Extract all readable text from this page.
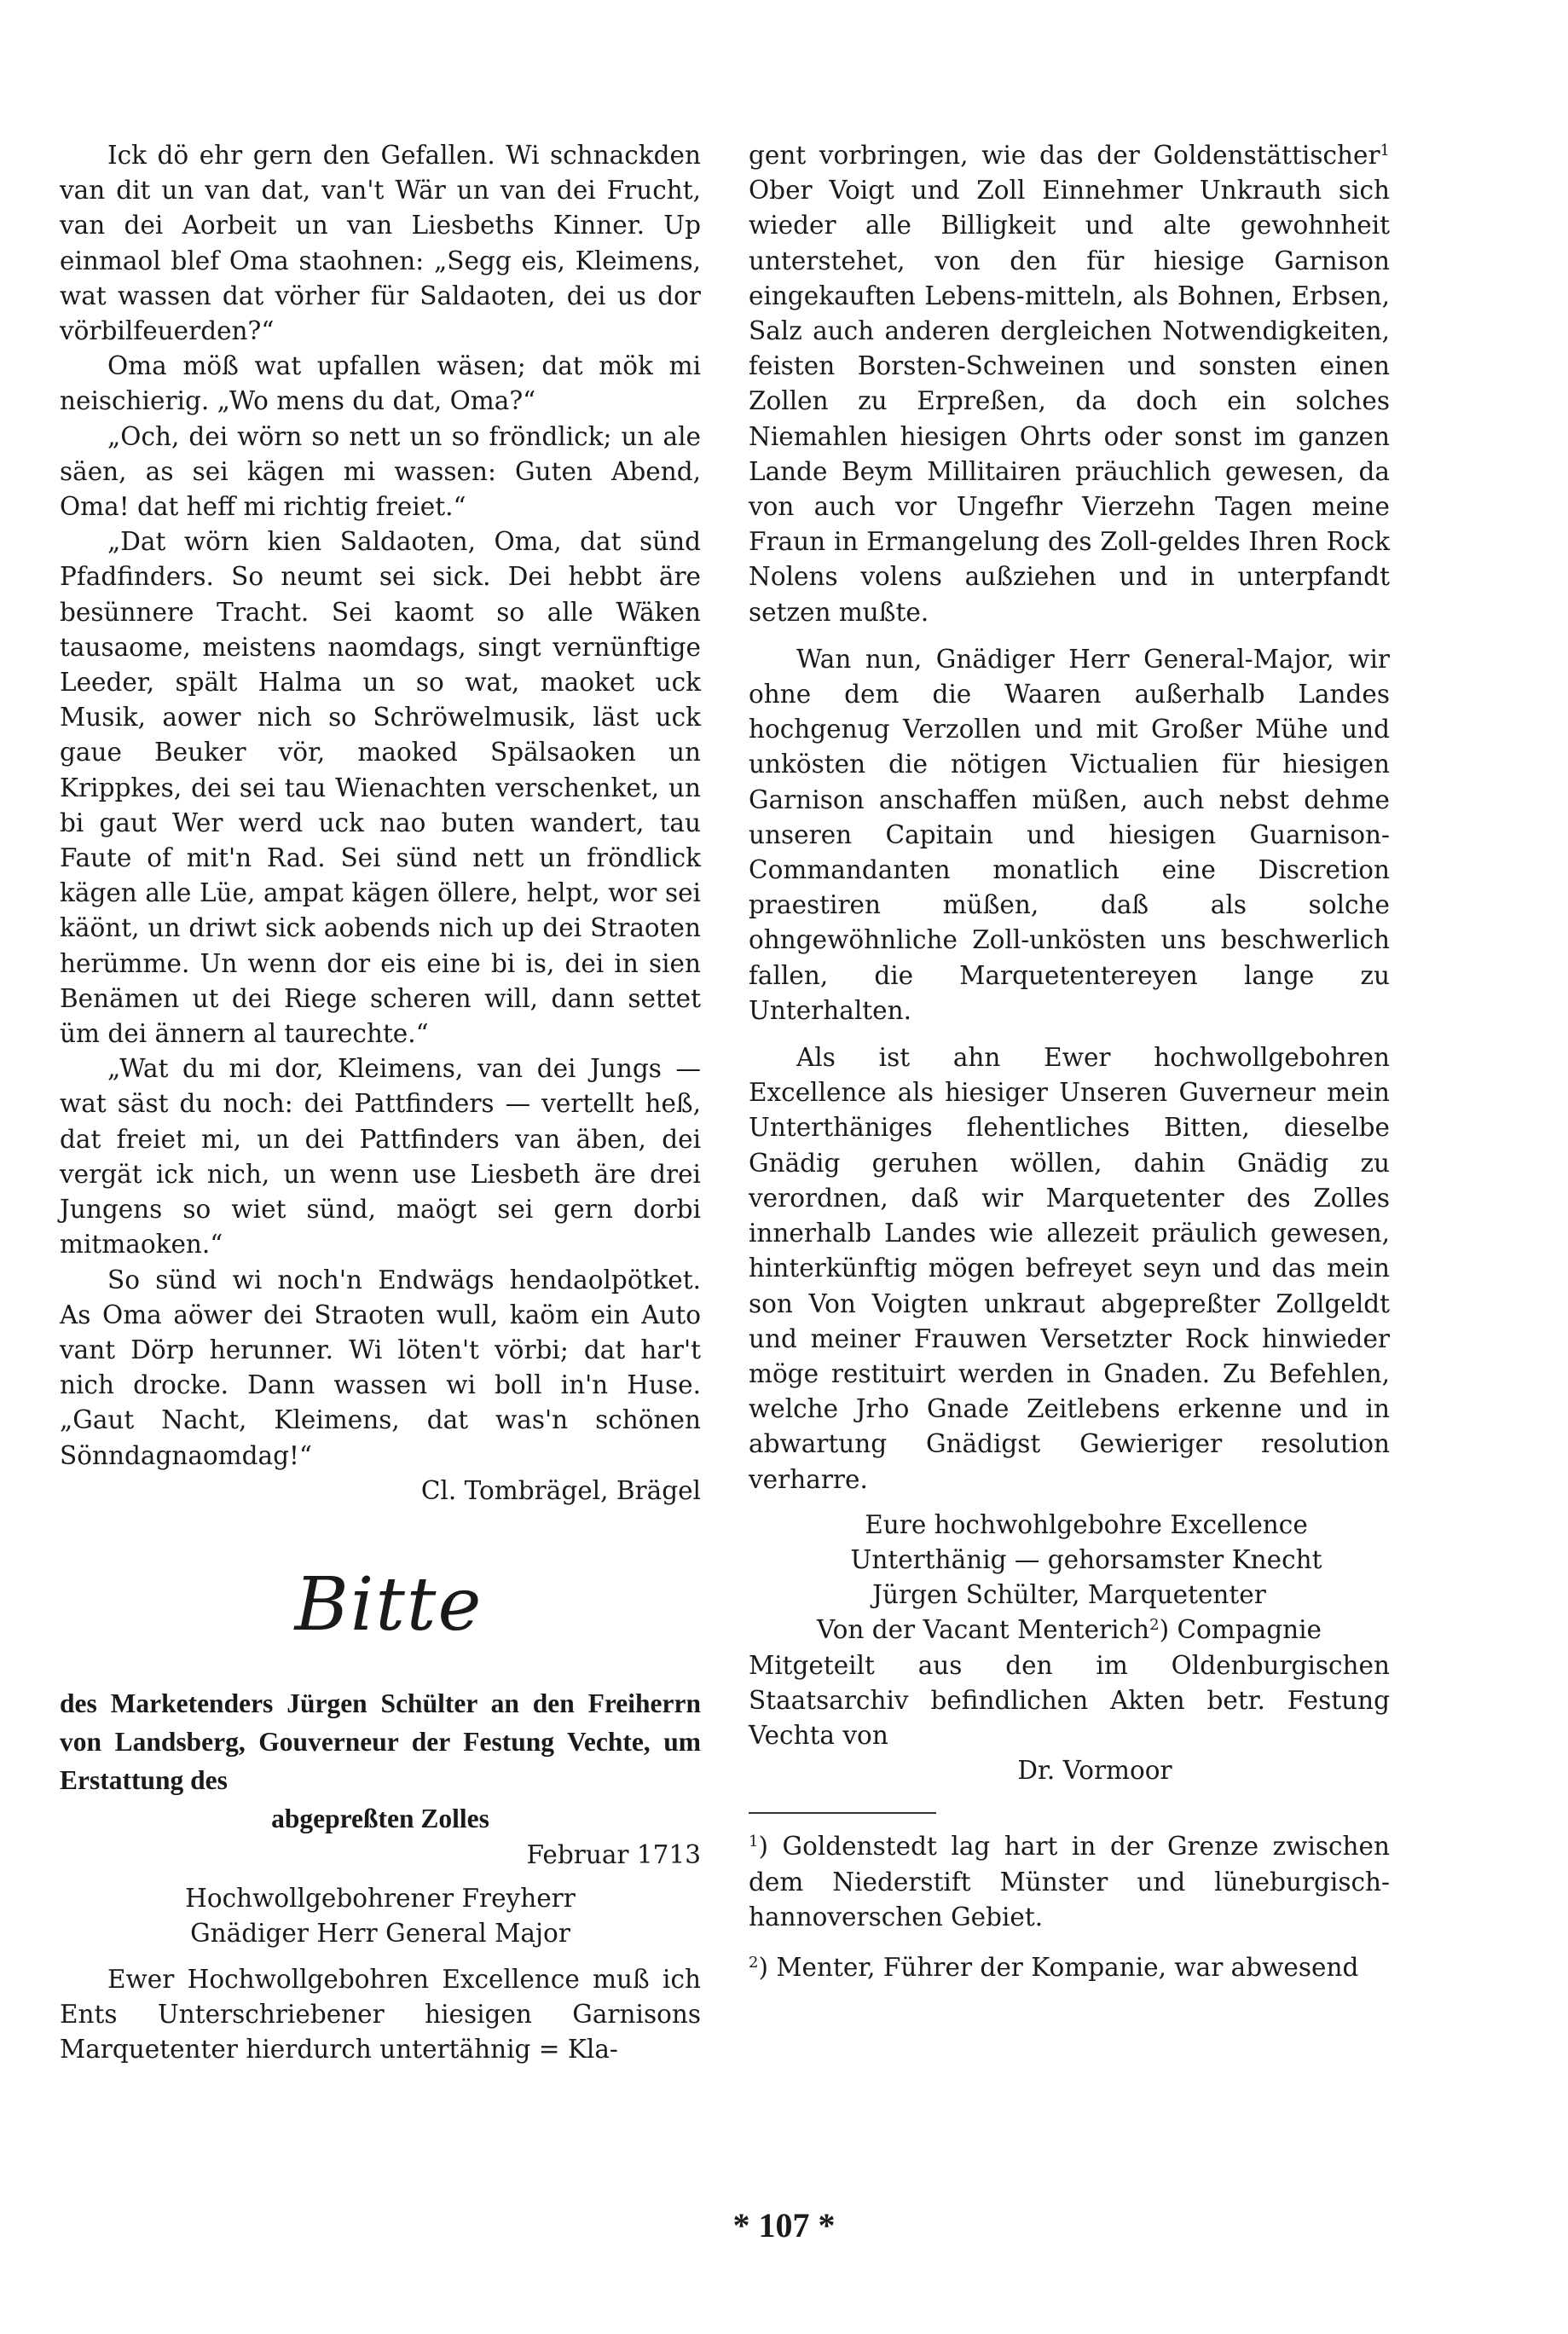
Ick dö ehr gern den Gefallen. Wi schnackden van dit un van dat, van't Wär un van dei Frucht, van dei Aorbeit un van Liesbeths Kinner. Up einmaol blef Oma staohnen: „Segg eis, Kleimens, wat wassen dat vörher für Saldaoten, dei us dor vörbilfeuerden?“

Oma möß wat upfallen wäsen; dat mök mi neischierig. „Wo mens du dat, Oma?“

„Och, dei wörn so nett un so fröndlick; un ale säen, as sei kägen mi wassen: Guten Abend, Oma! dat heff mi richtig freiet.“

„Dat wörn kien Saldaoten, Oma, dat sünd Pfadfinders. So neumt sei sick. Dei hebbt äre besünnere Tracht. Sei kaomt so alle Wäken tausaome, meistens naomdags, singt vernünftige Leeder, spält Halma un so wat, maoket uck Musik, aower nich so Schröwelmusik, läst uck gaue Beuker vör, maoked Spälsaoken un Krippkes, dei sei tau Wienachten verschenket, un bi gaut Wer werd uck nao buten wandert, tau Faute of mit'n Rad. Sei sünd nett un fröndlick kägen alle Lüe, ampat kägen öllere, helpt, wor sei käönt, un driwt sick aobends nich up dei Straoten herümme. Un wenn dor eis eine bi is, dei in sien Benämen ut dei Riege scheren will, dann settet üm dei ännern al taurechte.“

„Wat du mi dor, Kleimens, van dei Jungs — wat säst du noch: dei Pattfinders — vertellt heß, dat freiet mi, un dei Pattfinders van äben, dei vergät ick nich, un wenn use Liesbeth äre drei Jungens so wiet sünd, maögt sei gern dorbi mitmaoken.“

So sünd wi noch'n Endwägs hendaolpötket. As Oma aöwer dei Straoten wull, kaöm ein Auto vant Dörp herunner. Wi löten't vörbi; dat har't nich drocke. Dann wassen wi boll in'n Huse. „Gaut Nacht, Kleimens, dat was'n schönen Sönndagnaomdag!“

Cl. Tombrägel, Brägel

Bitte

des Marketenders Jürgen Schülter an den Freiherrn von Landsberg, Gouverneur der Festung Vechte, um Erstattung des

abgepreßten Zolles

Februar 1713

Hochwollgebohrener Freyherr

Gnädiger Herr General Major

Ewer Hochwollgebohren Excellence muß ich Ents Unterschriebener hiesigen Garnisons Marquetenter hierdurch untertähnig = Kla-

gent vorbringen, wie das der Goldenstättischer$^1$ Ober Voigt und Zoll Einnehmer Unkrauth sich wieder alle Billigkeit und alte gewohnheit unterstehet, von den für hiesige Garnison eingekauften Lebens-mitteln, als Bohnen, Erbsen, Salz auch anderen dergleichen Notwendigkeiten, feisten Borsten-Schweinen und sonsten einen Zollen zu Erpreßen, da doch ein solches Niemahlen hiesigen Ohrts oder sonst im ganzen Lande Beym Millitairen präuchlich gewesen, da von auch vor Ungefhr Vierzehn Tagen meine Fraun in Ermangelung des Zoll-geldes Ihren Rock Nolens volens außziehen und in unterpfandt setzen mußte.

Wan nun, Gnädiger Herr General-Major, wir ohne dem die Waaren außerhalb Landes hochgenug Verzollen und mit Großer Mühe und unkösten die nötigen Victualien für hiesigen Garnison anschaffen müßen, auch nebst dehme unseren Capitain und hiesigen Guarnison-Commandanten monatlich eine Discretion praestiren müßen, daß als solche ohngewöhnliche Zoll-unkösten uns beschwerlich fallen, die Marquetentereyen lange zu Unterhalten.

Als ist ahn Ewer hochwollgebohren Excellence als hiesiger Unseren Guverneur mein Unterthäniges flehentliches Bitten, dieselbe Gnädig geruhen wöllen, dahin Gnädig zu verordnen, daß wir Marquetenter des Zolles innerhalb Landes wie allezeit präulich gewesen, hinterkünftig mögen befreyet seyn und das mein son Von Voigten unkraut abgepreßter Zollgeldt und meiner Frauwen Versetzter Rock hinwieder möge restituirt werden in Gnaden. Zu Befehlen, welche Jrho Gnade Zeitlebens erkenne und in abwartung Gnädigst Gewieriger resolution verharre.

Eure hochwohlgebohre Excellence

Unterthänig — gehorsamster Knecht

Jürgen Schülter, Marquetenter

Von der Vacant Menterich$^2$) Compagnie

Mitgeteilt aus den im Oldenburgischen Staatsarchiv befindlichen Akten betr. Festung Vechta von

Dr. Vormoor

$^1$) Goldenstedt lag hart in der Grenze zwischen dem Niederstift Münster und lüneburgisch-hannoverschen Gebiet.

$^2$) Menter, Führer der Kompanie, war abwesend

* 107 *
